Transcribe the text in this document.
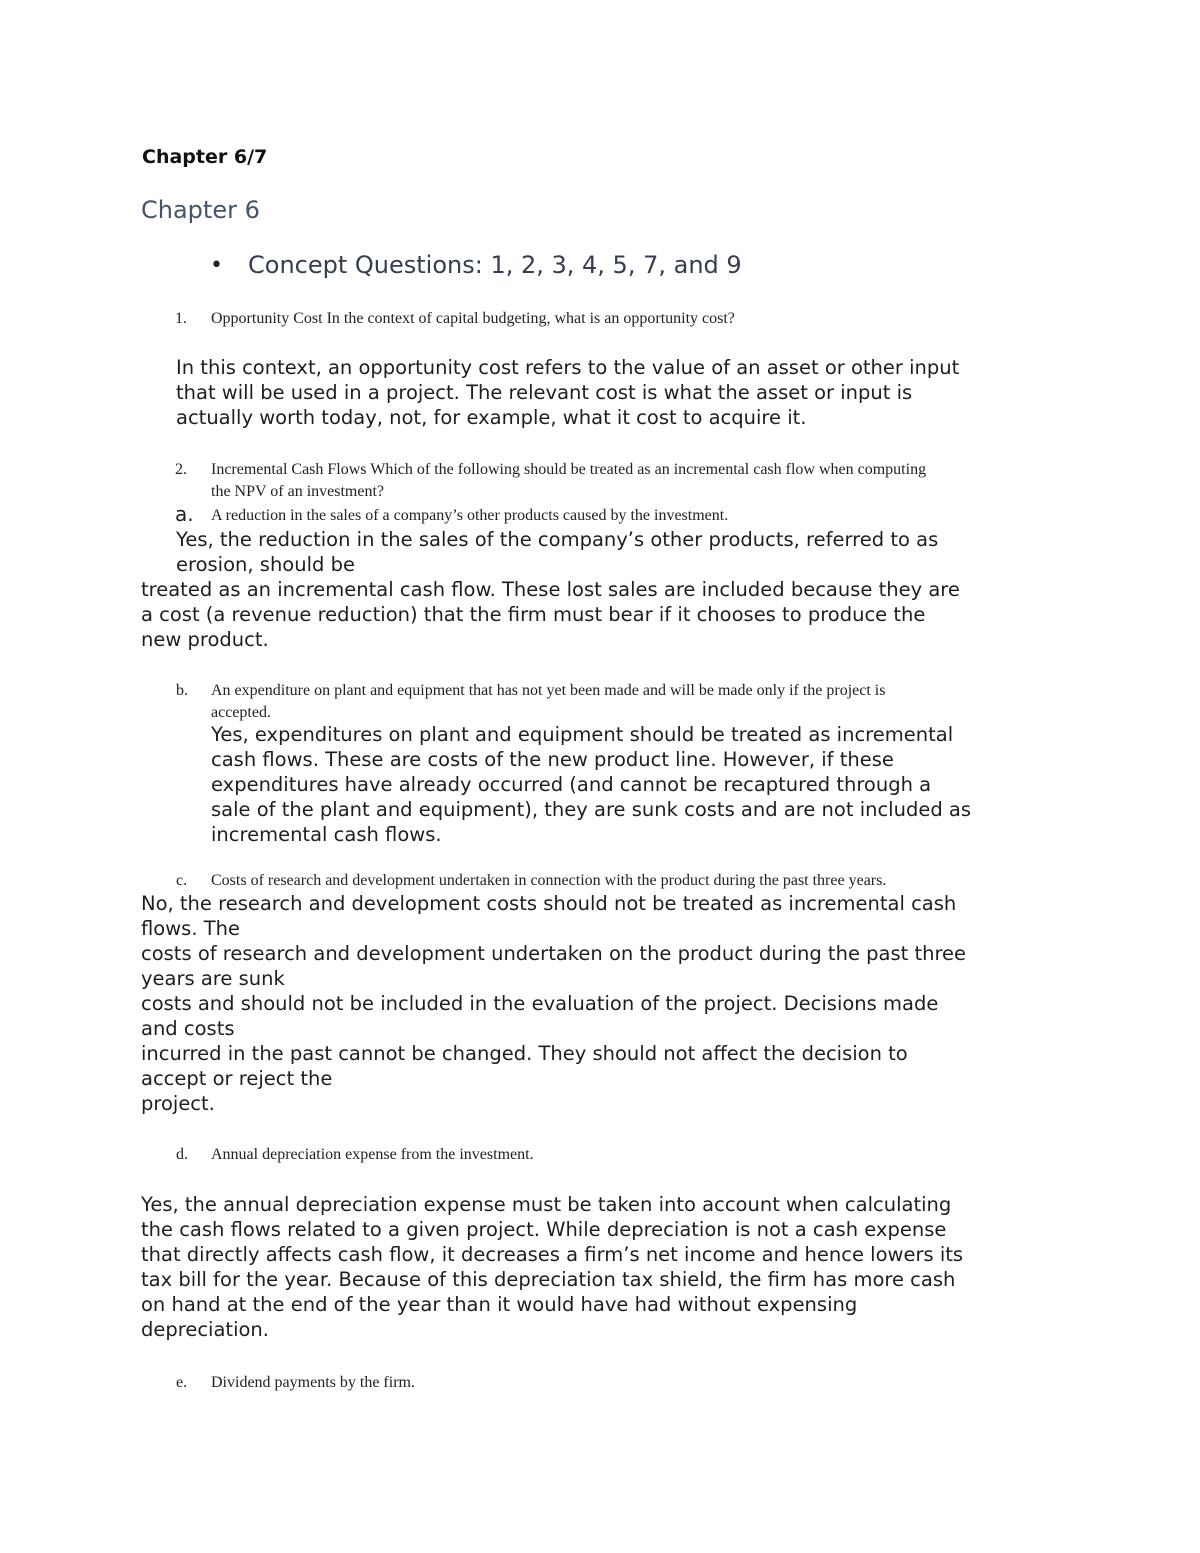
Chapter 6/7
Chapter 6
• Concept Questions: 1, 2, 3, 4, 5, 7, and 9
1. Opportunity Cost In the context of capital budgeting, what is an opportunity cost?
In this context, an opportunity cost refers to the value of an asset or other input
that will be used in a project. The relevant cost is what the asset or input is
actually worth today, not, for example, what it cost to acquire it.
2. Incremental Cash Flows Which of the following should be treated as an incremental cash flow when computing
the NPV of an investment?
a. A reduction in the sales of a company’s other products caused by the investment.
Yes, the reduction in the sales of the company’s other products, referred to as
erosion, should be
treated as an incremental cash flow. These lost sales are included because they are
a cost (a revenue reduction) that the firm must bear if it chooses to produce the
new product.
b. An expenditure on plant and equipment that has not yet been made and will be made only if the project is
accepted.
Yes, expenditures on plant and equipment should be treated as incremental
cash flows. These are costs of the new product line. However, if these
expenditures have already occurred (and cannot be recaptured through a
sale of the plant and equipment), they are sunk costs and are not included as
incremental cash flows.
c. Costs of research and development undertaken in connection with the product during the past three years.
No, the research and development costs should not be treated as incremental cash
flows. The
costs of research and development undertaken on the product during the past three
years are sunk
costs and should not be included in the evaluation of the project. Decisions made
and costs
incurred in the past cannot be changed. They should not affect the decision to
accept or reject the
project.
d. Annual depreciation expense from the investment.
Yes, the annual depreciation expense must be taken into account when calculating
the cash flows related to a given project. While depreciation is not a cash expense
that directly affects cash flow, it decreases a firm’s net income and hence lowers its
tax bill for the year. Because of this depreciation tax shield, the firm has more cash
on hand at the end of the year than it would have had without expensing
depreciation.
e. Dividend payments by the firm.
